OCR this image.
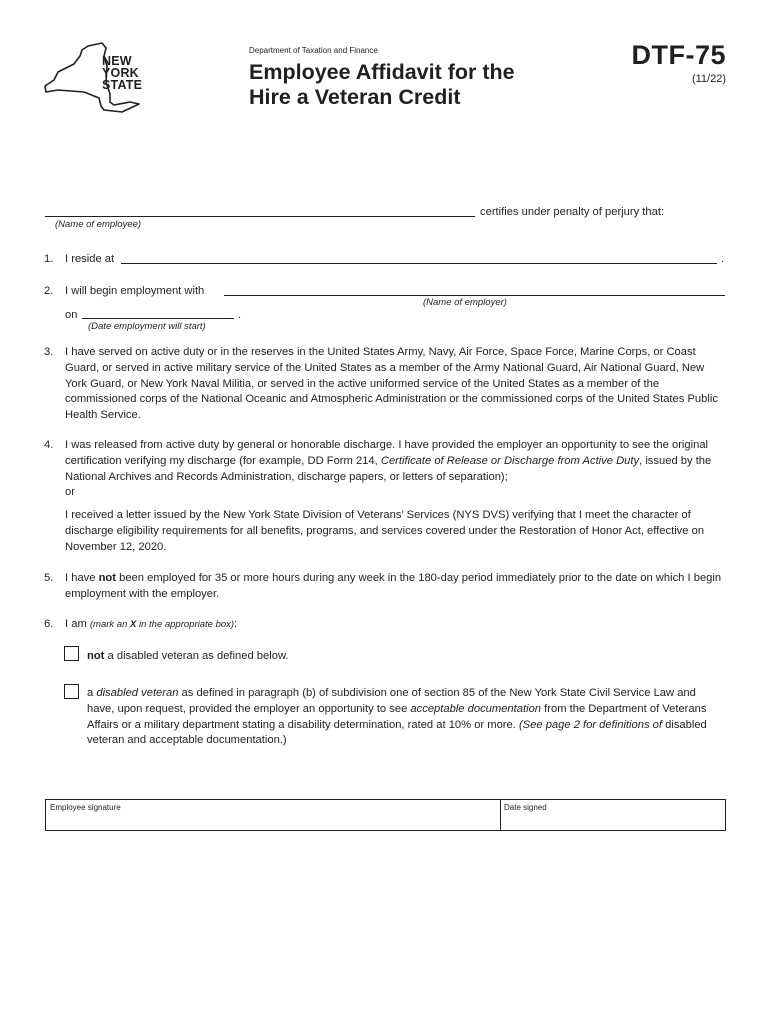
NEW
YORK
STATE
Department of Taxation and Finance
Employee Affidavit for the
Hire a Veteran Credit
DTF-75
(11/22)
certifies under penalty of perjury that:
(Name of employee)
1. I reside at	.
2. I will begin employment with
(Name of employer)
on	.
(Date employment will start)
3. I have served on active duty or in the reserves in the United States Army, Navy, Air Force, Space Force, Marine Corps, or Coast Guard, or served in active military service of the United States as a member of the Army National Guard, Air National Guard, New York Guard, or New York Naval Militia, or served in the active uniformed service of the United States as a member of the commissioned corps of the National Oceanic and Atmospheric Administration or the commissioned corps of the United States Public Health Service.

4. I was released from active duty by general or honorable discharge. I have provided the employer an opportunity to see the original certification verifying my discharge (for example, DD Form 214, Certificate of Release or Discharge from Active Duty, issued by the National Archives and Records Administration, discharge papers, or letters of separation);

or

I received a letter issued by the New York State Division of Veterans’ Services (NYS DVS) verifying that I meet the character of discharge eligibility requirements for all benefits, programs, and services covered under the Restoration of Honor Act, effective on November 12, 2020.

5. I have not been employed for 35 or more hours during any week in the 180-day period immediately prior to the date on which I begin employment with the employer.

6. I am (mark an X in the appropriate box):
not a disabled veteran as defined below.

a disabled veteran as defined in paragraph (b) of subdivision one of section 85 of the New York State Civil Service Law and have, upon request, provided the employer an opportunity to see acceptable documentation from the Department of Veterans Affairs or a military department stating a disability determination, rated at 10% or more. (See page 2 for definitions of disabled veteran and acceptable documentation.)

Employee signature	Date signed
